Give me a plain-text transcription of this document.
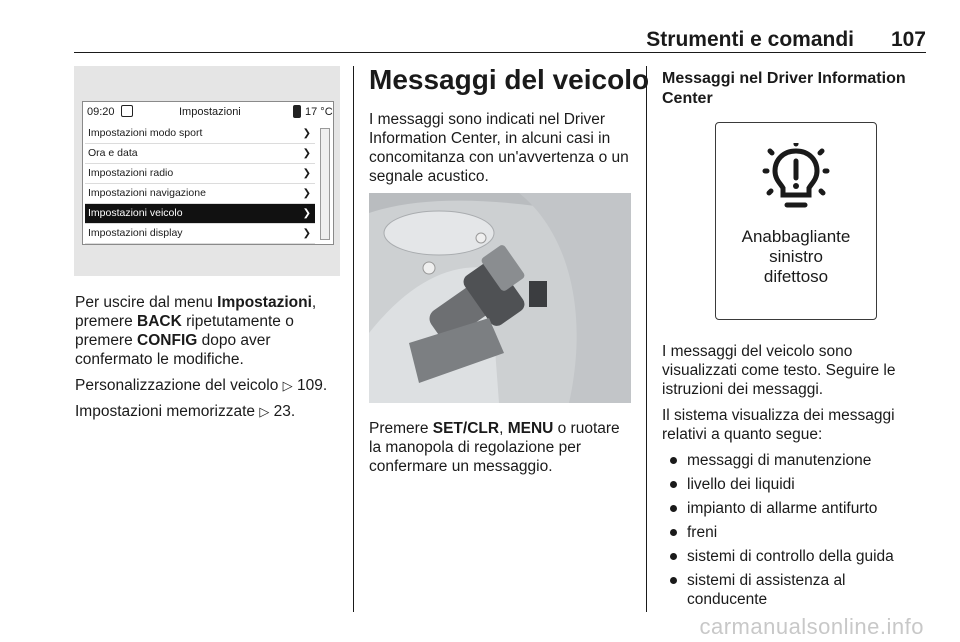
Strumenti e comandi 107
09:20	Impostazioni	17 °C
Impostazioni modo sport	❯
Ora e data	❯
Impostazioni radio	❯
Impostazioni navigazione	❯
Impostazioni veicolo	❯
Impostazioni display	❯

Per uscire dal menu Impostazioni, premere BACK ripetutamente o premere CONFIG dopo aver confermato le modifiche.

Personalizzazione del veicolo ▷ 109.

Impostazioni memorizzate ▷ 23.

Messaggi del veicolo
I messaggi sono indicati nel Driver Information Center, in alcuni casi in concomitanza con un'avvertenza o un segnale acustico.
Premere SET/CLR, MENU o ruotare la manopola di regolazione per confermare un messaggio.
Messaggi nel Driver Information Center
Anabbagliante
sinistro
difettoso

I messaggi del veicolo sono visualizzati come testo. Seguire le istruzioni dei messaggi.

Il sistema visualizza dei messaggi relativi a quanto segue:

messaggi di manutenzione
livello dei liquidi
impianto di allarme antifurto
freni
sistemi di controllo della guida
sistemi di assistenza al conducente
carmanualsonline.info
